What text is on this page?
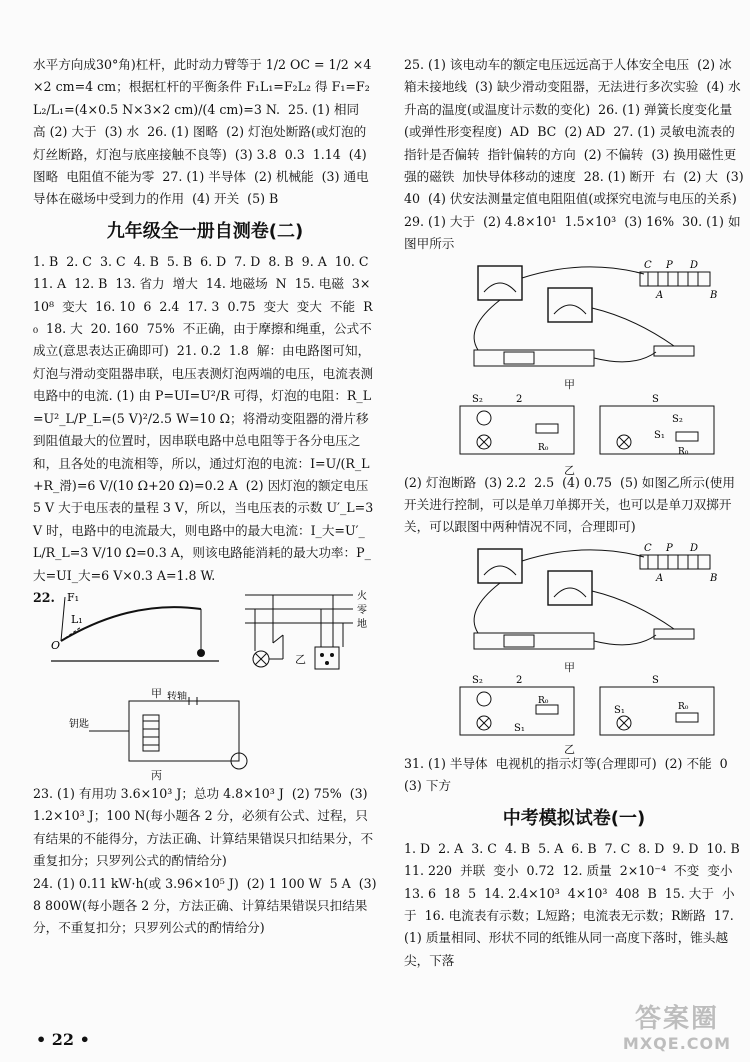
水平方向成30°角)杠杆，此时动力臂等于 1/2 OC = 1/2 ×4×2 cm=4 cm；根据杠杆的平衡条件 F₁L₁=F₂L₂ 得 F₁=F₂L₂/L₁=(4×0.5 N×3×2 cm)/(4 cm)=3 N.  25. (1) 相同  高 (2) 大于  (3) 水  26. (1) 图略  (2) 灯泡处断路(或灯泡的灯丝断路，灯泡与底座接触不良等)  (3) 3.8  0.3  1.14  (4) 图略  电阻值不能为零  27. (1) 半导体  (2) 机械能  (3) 通电导体在磁场中受到力的作用  (4) 开关  (5) B

九年级全一册自测卷(二)

1. B  2. C  3. C  4. B  5. B  6. D  7. D  8. B  9. A  10. C  11. A  12. B  13. 省力  增大  14. 地磁场  N  15. 电磁  3×10⁸  变大  16. 10  6  2.4  17. 3  0.75  变大  变大  不能  R₀  18. 大  20. 160  75%  不正确，由于摩擦和绳重，公式不成立(意思表达正确即可)  21. 0.2  1.8  解：由电路图可知，灯泡与滑动变阻器串联，电压表测灯泡两端的电压，电流表测电路中的电流. (1) 由 P=UI=U²/R 可得，灯泡的电阻：R_L=U²_L/P_L=(5 V)²/2.5 W=10 Ω；将滑动变阻器的滑片移到阻值最大的位置时，因串联电路中总电阻等于各分电压之和，且各处的电流相等，所以，通过灯泡的电流：I=U/(R_L+R_滑)=6 V/(10 Ω+20 Ω)=0.2 A  (2) 因灯泡的额定电压 5 V 大于电压表的量程 3 V，所以，当电压表的示数 U′_L=3 V 时，电路中的电流最大，则电路中的最大电流：I_大=U′_L/R_L=3 V/10 Ω=0.3 A，则该电路能消耗的最大功率：P_大=UI_大=6 V×0.3 A=1.8 W.

22. F₁
L₁
O
甲
火
零
地
乙
钥匙
转轴
丙

23. (1) 有用功 3.6×10³ J；总功 4.8×10³ J  (2) 75%  (3) 1.2×10³ J；100 N(每小题各 2 分，必须有公式、过程，只有结果的不能得分，方法正确、计算结果错误只扣结果分，不重复扣分；只罗列公式的酌情给分)

24. (1) 0.11 kW·h(或 3.96×10⁵ J)  (2) 1 100 W  5 A  (3) 8 800W(每小题各 2 分，方法正确、计算结果错误只扣结果分，不重复扣分；只罗列公式的酌情给分)

25. (1) 该电动车的额定电压远远高于人体安全电压  (2) 冰箱未接地线  (3) 缺少滑动变阻器，无法进行多次实验  (4) 水升高的温度(或温度计示数的变化)  26. (1) 弹簧长度变化量(或弹性形变程度)  AD  BC  (2) AD  27. (1) 灵敏电流表的指针是否偏转  指针偏转的方向  (2) 不偏转  (3) 换用磁性更强的磁铁  加快导体移动的速度  28. (1) 断开  右  (2) 大  (3) 40  (4) 伏安法测量定值电阻阻值(或探究电流与电压的关系)  29. (1) 大于  (2) 4.8×10¹  1.5×10³  (3) 16%  30. (1) 如图甲所示

C P D
A	B
甲
S₂	2
R₀
S
S₂
S₁
R₀
乙

(2) 灯泡断路  (3) 2.2  2.5  (4) 0.75  (5) 如图乙所示(使用开关进行控制，可以是单刀单掷开关，也可以是单刀双掷开关，可以跟图中两种情况不同，合理即可)

C P D
A	B
甲
S₂	2
S₁
R₀
S
S₁	R₀
乙

31. (1) 半导体  电视机的指示灯等(合理即可)  (2) 不能  0  (3) 下方

中考模拟试卷(一)

1. D  2. A  3. C  4. B  5. A  6. B  7. C  8. D  9. D  10. B  11. 220  并联  变小  0.72  12. 质量  2×10⁻⁴  不变  变小  13. 6  18  5  14. 2.4×10³  4×10³  408  B  15. 大于  小于  16. 电流表有示数；L短路；电流表无示数；R断路  17. (1) 质量相同、形状不同的纸锥从同一高度下落时，锥头越尖，下落

• 22 •
答案圈
MXQE.COM
